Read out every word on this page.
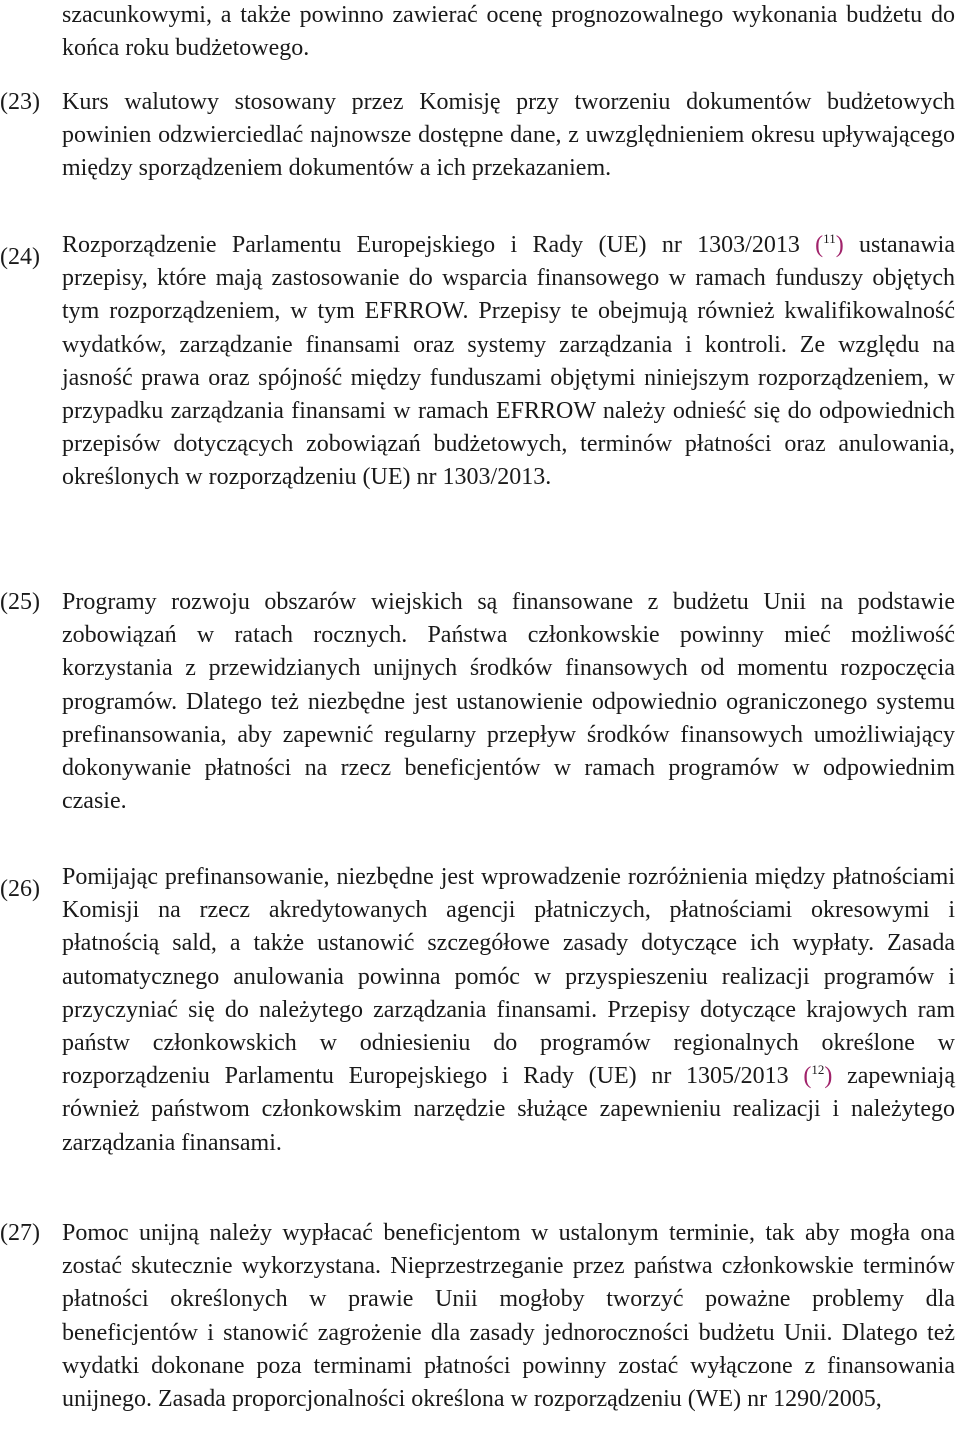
szacunkowymi, a także powinno zawierać ocenę prognozowalnego wykonania budżetu do końca roku budżetowego.

(23) Kurs walutowy stosowany przez Komisję przy tworzeniu dokumentów budżetowych powinien odzwierciedlać najnowsze dostępne dane, z uwzględnieniem okresu upływającego między sporządzeniem dokumentów a ich przekazaniem.

(24) Rozporządzenie Parlamentu Europejskiego i Rady (UE) nr 1303/2013 ($^{11}$) ustanawia przepisy, które mają zastosowanie do wsparcia finansowego w ramach funduszy objętych tym rozporządzeniem, w tym EFRROW. Przepisy te obejmują również kwalifikowalność wydatków, zarządzanie finansami oraz systemy zarządzania i kontroli. Ze względu na jasność prawa oraz spójność między funduszami objętymi niniejszym rozporządzeniem, w przypadku zarządzania finansami w ramach EFRROW należy odnieść się do odpowiednich przepisów dotyczących zobowiązań budżetowych, terminów płatności oraz anulowania, określonych w rozporządzeniu (UE) nr 1303/2013.

(25) Programy rozwoju obszarów wiejskich są finansowane z budżetu Unii na podstawie zobowiązań w ratach rocznych. Państwa członkowskie powinny mieć możliwość korzystania z przewidzianych unijnych środków finansowych od momentu rozpoczęcia programów. Dlatego też niezbędne jest ustanowienie odpowiednio ograniczonego systemu prefinansowania, aby zapewnić regularny przepływ środków finansowych umożliwiający dokonywanie płatności na rzecz beneficjentów w ramach programów w odpowiednim czasie.

(26) Pomijając prefinansowanie, niezbędne jest wprowadzenie rozróżnienia między płatnościami Komisji na rzecz akredytowanych agencji płatniczych, płatnościami okresowymi i płatnością sald, a także ustanowić szczegółowe zasady dotyczące ich wypłaty. Zasada automatycznego anulowania powinna pomóc w przyspieszeniu realizacji programów i przyczyniać się do należytego zarządzania finansami. Przepisy dotyczące krajowych ram państw członkowskich w odniesieniu do programów regionalnych określone w rozporządzeniu Parlamentu Europejskiego i Rady (UE) nr 1305/2013 ($^{12}$) zapewniają również państwom członkowskim narzędzie służące zapewnieniu realizacji i należytego zarządzania finansami.

(27) Pomoc unijną należy wypłacać beneficjentom w ustalonym terminie, tak aby mogła ona zostać skutecznie wykorzystana. Nieprzestrzeganie przez państwa członkowskie terminów płatności określonych w prawie Unii mogłoby tworzyć poważne problemy dla beneficjentów i stanowić zagrożenie dla zasady jednoroczności budżetu Unii. Dlatego też wydatki dokonane poza terminami płatności powinny zostać wyłączone z finansowania unijnego. Zasada proporcjonalności określona w rozporządzeniu (WE) nr 1290/2005,
